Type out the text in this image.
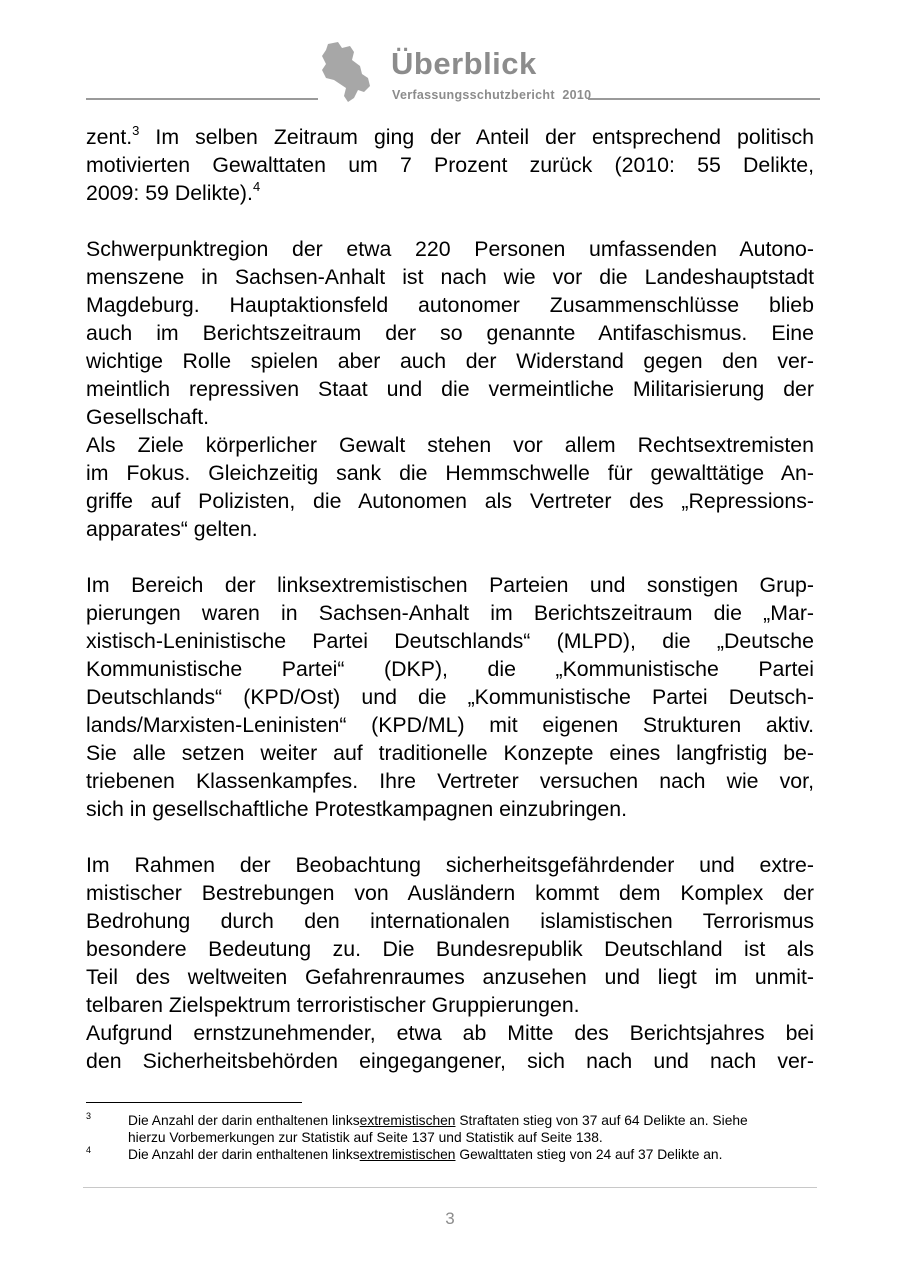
Überblick
Verfassungsschutzbericht  2010
zent.$^3$ Im selben Zeitraum ging der Anteil der entsprechend politisch
motivierten Gewalttaten um 7 Prozent zurück (2010: 55 Delikte,
2009: 59 Delikte).$^4$
Schwerpunktregion der etwa 220 Personen umfassenden Autono-
menszene in Sachsen-Anhalt ist nach wie vor die Landeshauptstadt
Magdeburg. Hauptaktionsfeld autonomer Zusammenschlüsse blieb
auch im Berichtszeitraum der so genannte Antifaschismus. Eine
wichtige Rolle spielen aber auch der Widerstand gegen den ver-
meintlich repressiven Staat und die vermeintliche Militarisierung der
Gesellschaft.
Als Ziele körperlicher Gewalt stehen vor allem Rechtsextremisten
im Fokus. Gleichzeitig sank die Hemmschwelle für gewalttätige An-
griffe auf Polizisten, die Autonomen als Vertreter des „Repressions-
apparates“ gelten.
Im Bereich der linksextremistischen Parteien und sonstigen Grup-
pierungen waren in Sachsen-Anhalt im Berichtszeitraum die „Mar-
xistisch-Leninistische Partei Deutschlands“ (MLPD), die „Deutsche
Kommunistische Partei“ (DKP), die „Kommunistische Partei
Deutschlands“ (KPD/Ost) und die „Kommunistische Partei Deutsch-
lands/Marxisten-Leninisten“ (KPD/ML) mit eigenen Strukturen aktiv.
Sie alle setzen weiter auf traditionelle Konzepte eines langfristig be-
triebenen Klassenkampfes. Ihre Vertreter versuchen nach wie vor,
sich in gesellschaftliche Protestkampagnen einzubringen.
Im Rahmen der Beobachtung sicherheitsgefährdender und extre-
mistischer Bestrebungen von Ausländern kommt dem Komplex der
Bedrohung durch den internationalen islamistischen Terrorismus
besondere Bedeutung zu. Die Bundesrepublik Deutschland ist als
Teil des weltweiten Gefahrenraumes anzusehen und liegt im unmit-
telbaren Zielspektrum terroristischer Gruppierungen.
Aufgrund ernstzunehmender, etwa ab Mitte des Berichtsjahres bei
den Sicherheitsbehörden eingegangener, sich nach und nach ver-
3	Die Anzahl der darin enthaltenen linksextremistischen Straftaten stieg von 37 auf 64 Delikte an. Siehe
hierzu Vorbemerkungen zur Statistik auf Seite 137 und Statistik auf Seite 138.
4	Die Anzahl der darin enthaltenen linksextremistischen Gewalttaten stieg von 24 auf 37 Delikte an.
3
